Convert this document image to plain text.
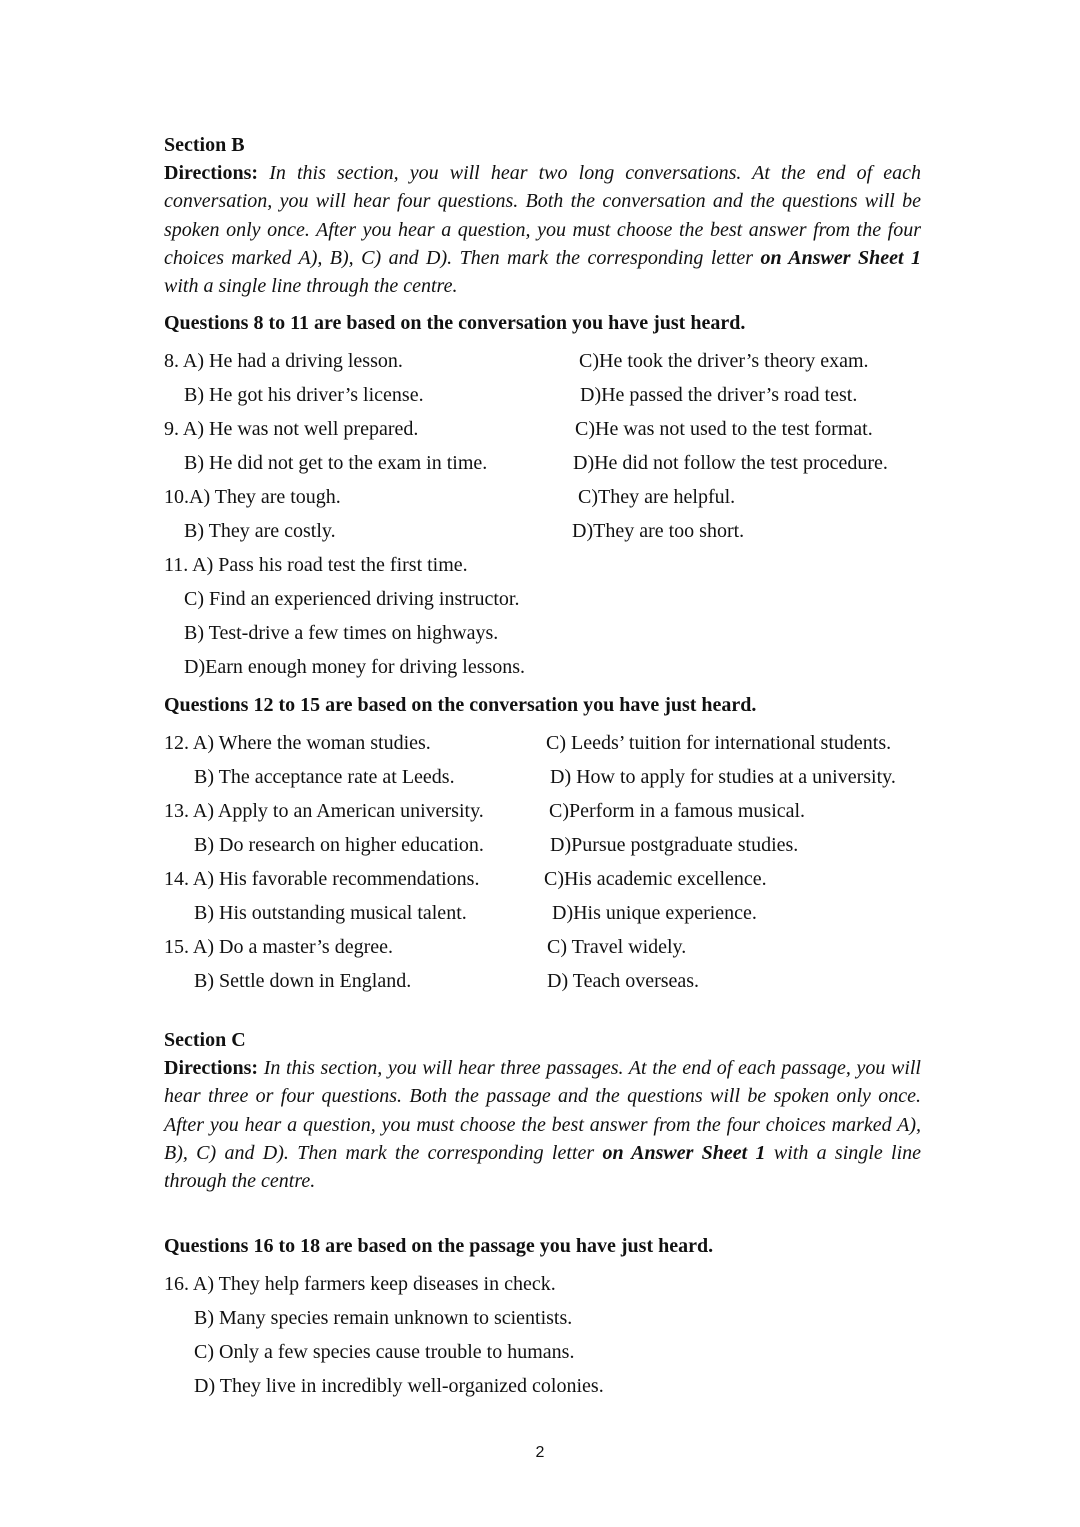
Section B
Directions: In this section, you will hear two long conversations. At the end of each conversation, you will hear four questions. Both the conversation and the questions will be spoken only once. After you hear a question, you must choose the best answer from the four choices marked A), B), C) and D). Then mark the corresponding letter on Answer Sheet 1 with a single line through the centre.
Questions 8 to 11 are based on the conversation you have just heard.
8. A) He had a driving lesson.	C)He took the driver’s theory exam.
B) He got his driver’s license.	D)He passed the driver’s road test.
9. A) He was not well prepared.	C)He was not used to the test format.
B) He did not get to the exam in time.	D)He did not follow the test procedure.
10.A) They are tough.	C)They are helpful.
B) They are costly.	D)They are too short.
11. A) Pass his road test the first time.
C) Find an experienced driving instructor.
B) Test-drive a few times on highways.
D)Earn enough money for driving lessons.
Questions 12 to 15 are based on the conversation you have just heard.
12. A) Where the woman studies.	C) Leeds’ tuition for international students.
B) The acceptance rate at Leeds.	D) How to apply for studies at a university.
13. A) Apply to an American university.	C)Perform in a famous musical.
B) Do research on higher education.	D)Pursue postgraduate studies.
14. A) His favorable recommendations.	C)His academic excellence.
B) His outstanding musical talent.	D)His unique experience.
15. A) Do a master’s degree.	C) Travel widely.
B) Settle down in England.	D) Teach overseas.
Section C
Directions: In this section, you will hear three passages. At the end of each passage, you will hear three or four questions. Both the passage and the questions will be spoken only once. After you hear a question, you must choose the best answer from the four choices marked A), B), C) and D). Then mark the corresponding letter on Answer Sheet 1 with a single line through the centre.
Questions 16 to 18 are based on the passage you have just heard.
16. A) They help farmers keep diseases in check.
B) Many species remain unknown to scientists.
C) Only a few species cause trouble to humans.
D) They live in incredibly well-organized colonies.
2
